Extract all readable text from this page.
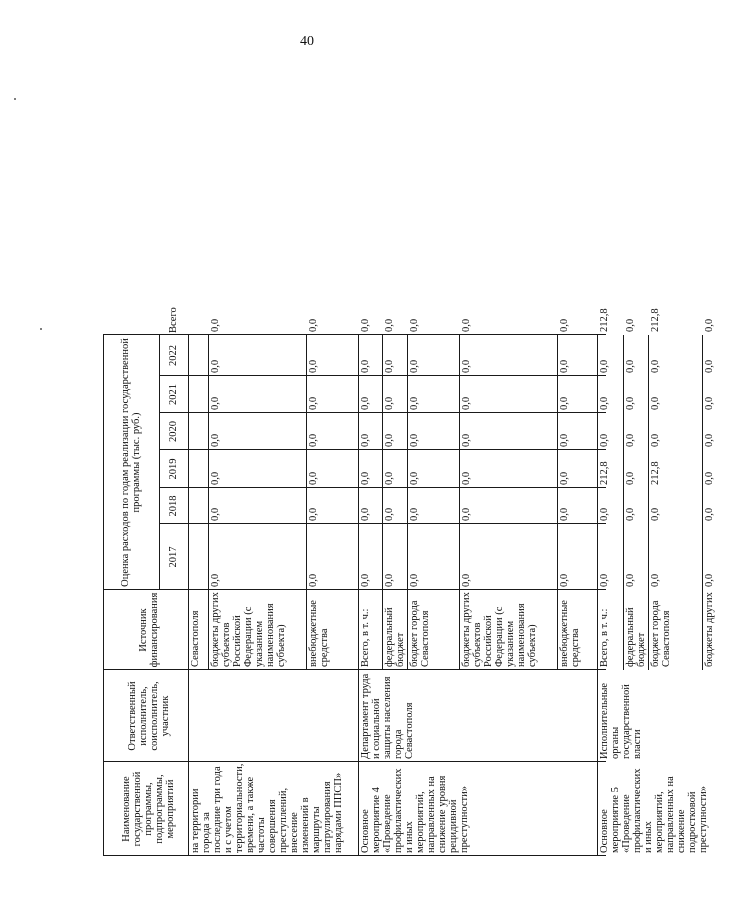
40
Наименование государственной программы, подпрограммы, мероприятий
Ответственный исполнитель, соисполнитель, участник
Источник финансирования
Оценка расходов по годам реализации государственной программы (тыс. руб.)
2017
2018
2019
2020
2021
2022
Всего
на территории города за последние три года и с учетом территориальности, времени, а также частоты совершения преступлений, внесение изменений в маршруты патрулирования нарядами ППСП»
Севастополя бюджеты других субъектов Российской Федерации (с указанием наименования субъекта)
0,0
0,0
0,0
0,0
0,0
0,0
0,0
внебюджетные средства
0,0
0,0
0,0
0,0
0,0
0,0
0,0
Основное мероприятие 4 «Проведение профилактических и иных мероприятий, направленных на снижение уровня рецидивной преступности»
Департамент труда и социальной защиты населения города Севастополя
Всего, в т. ч.:
0,0
0,0
0,0
0,0
0,0
0,0
0,0
федеральный бюджет
0,0
0,0
0,0
0,0
0,0
0,0
0,0
бюджет города Севастополя
0,0
0,0
0,0
0,0
0,0
0,0
0,0
бюджеты других субъектов Российской Федерации (с указанием наименования субъекта)
0,0
0,0
0,0
0,0
0,0
0,0
0,0
внебюджетные средства
0,0
0,0
0,0
0,0
0,0
0,0
0,0
Основное мероприятие 5 «Проведение профилактических и иных мероприятий, направленных на снижение подростковой преступности»
Исполнительные органы государственной власти
Всего, в т. ч.:
0,0
0,0
212,8
0,0
0,0
0,0
212,8
федеральный бюджет
0,0
0,0
0,0
0,0
0,0
0,0
0,0
бюджет города Севастополя
0,0
0,0
212,8
0,0
0,0
0,0
212,8
бюджеты других
0,0
0,0
0,0
0,0
0,0
0,0
0,0
